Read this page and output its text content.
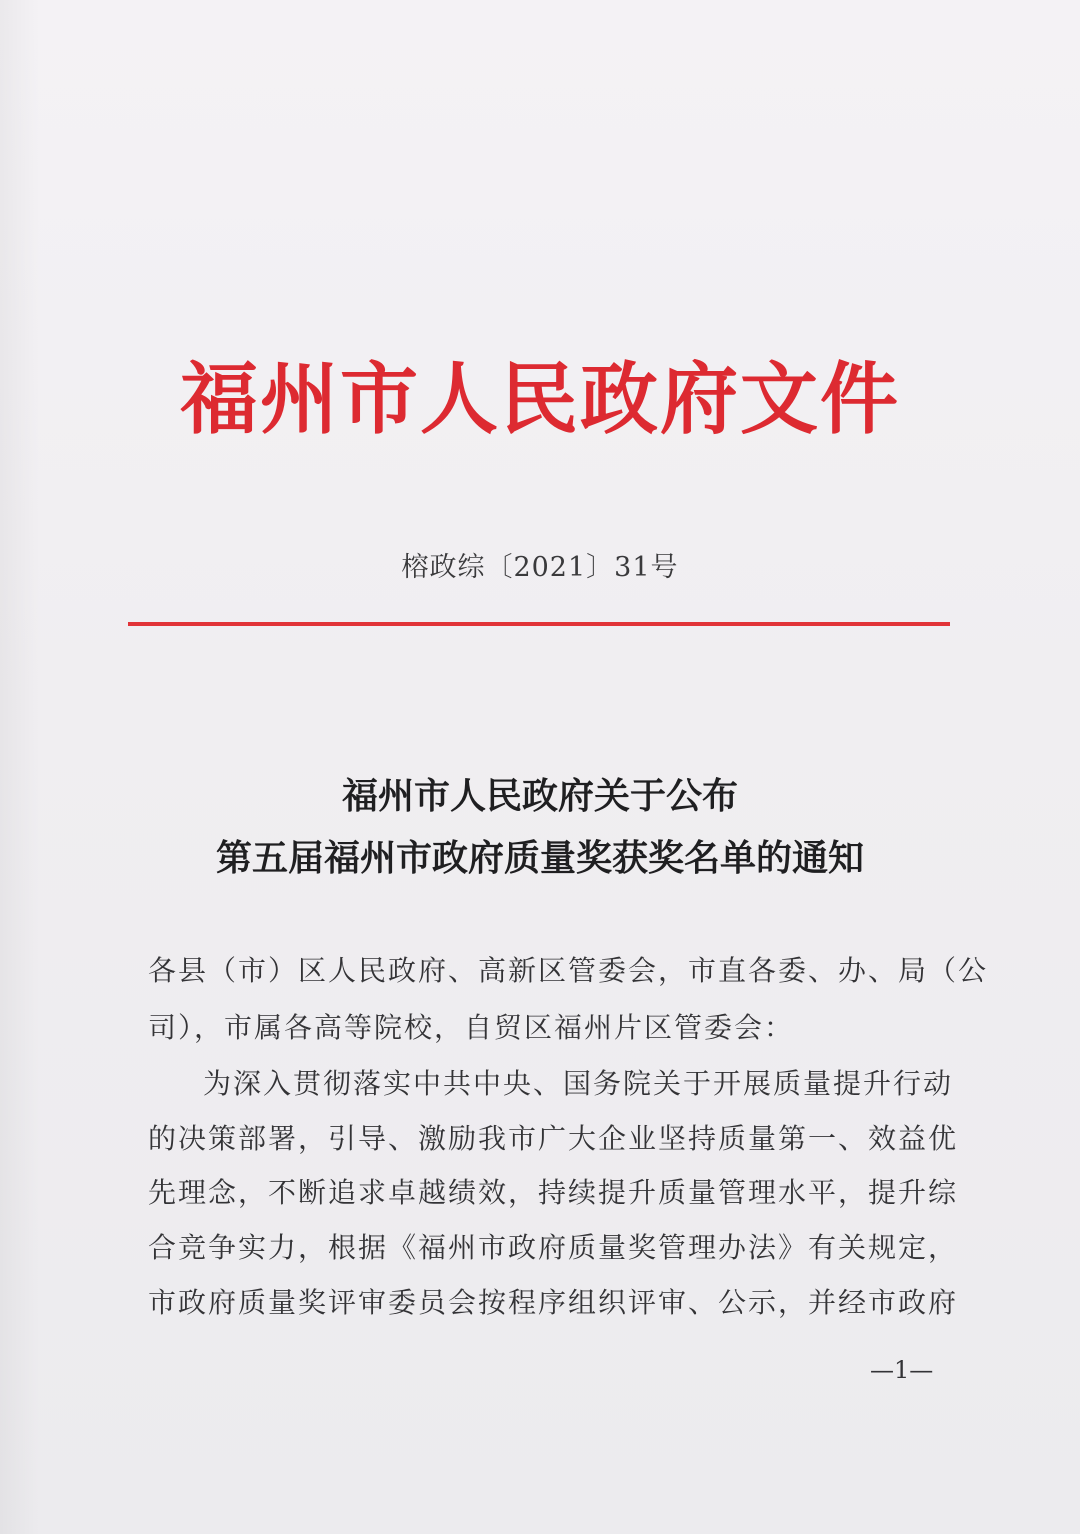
福州市人民政府文件
榕政综〔2021〕31号
福州市人民政府关于公布
第五届福州市政府质量奖获奖名单的通知
各县（市）区人民政府、高新区管委会，市直各委、办、局（公
司），市属各高等院校，自贸区福州片区管委会：
为深入贯彻落实中共中央、国务院关于开展质量提升行动
的决策部署，引导、激励我市广大企业坚持质量第一、效益优
先理念，不断追求卓越绩效，持续提升质量管理水平，提升综
合竞争实力，根据《福州市政府质量奖管理办法》有关规定，
市政府质量奖评审委员会按程序组织评审、公示，并经市政府
—1—
